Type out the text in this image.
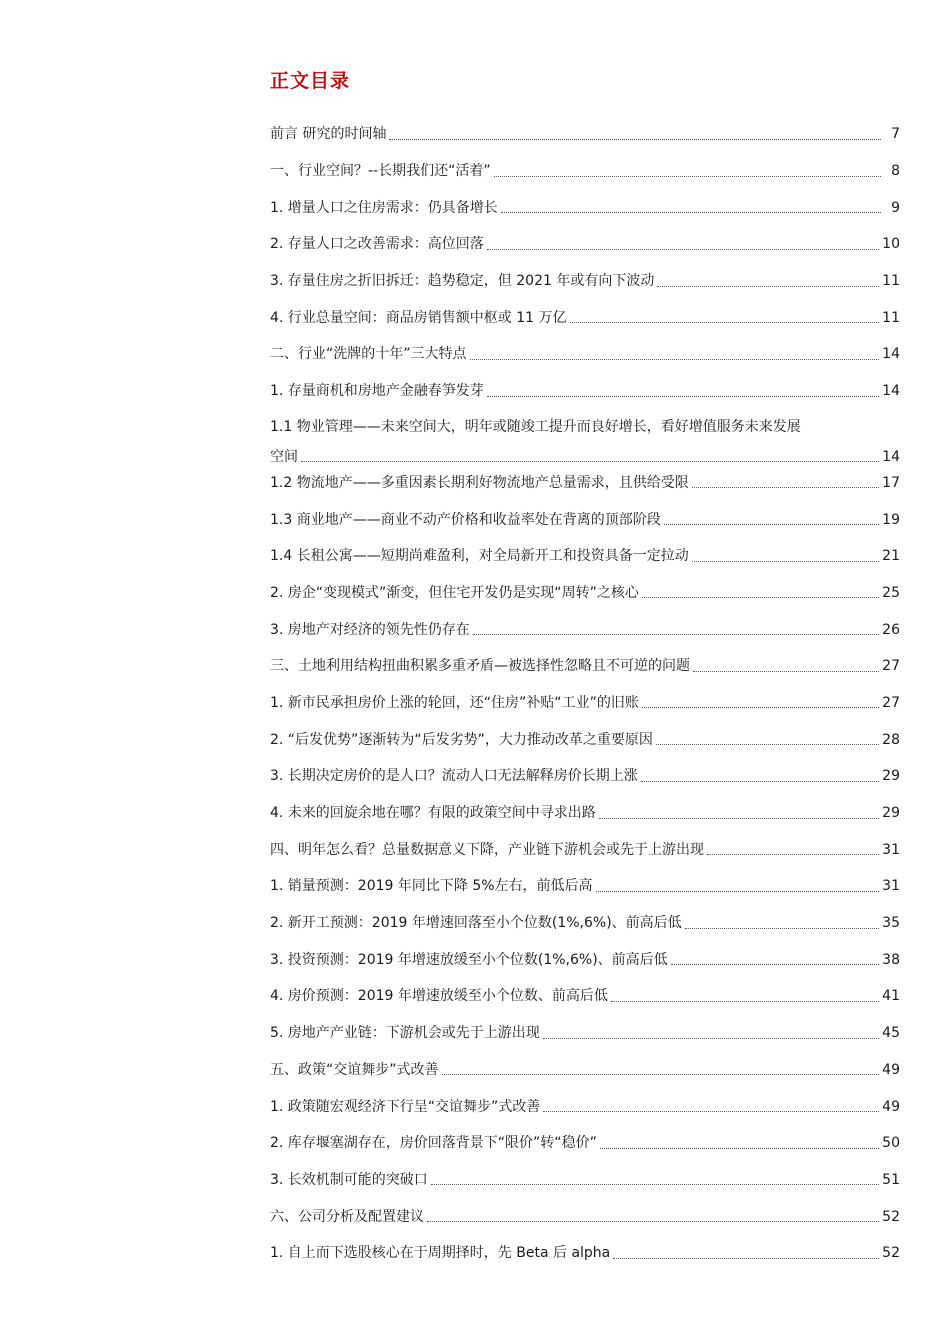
正文目录
前言 研究的时间轴	7
一、行业空间？--长期我们还“活着”	8
1. 增量人口之住房需求：仍具备增长	9
2. 存量人口之改善需求：高位回落	10
3. 存量住房之折旧拆迁：趋势稳定，但 2021 年或有向下波动	11
4. 行业总量空间：商品房销售额中枢或 11 万亿	11
二、行业“洗牌的十年”三大特点	14
1. 存量商机和房地产金融春笋发芽	14
1.1 物业管理——未来空间大，明年或随竣工提升而良好增长，看好增值服务未来发展
空间	14
1.2 物流地产——多重因素长期利好物流地产总量需求，且供给受限	17
1.3 商业地产——商业不动产价格和收益率处在背离的顶部阶段	19
1.4 长租公寓——短期尚难盈利，对全局新开工和投资具备一定拉动	21
2. 房企“变现模式”渐变，但住宅开发仍是实现“周转”之核心	25
3. 房地产对经济的领先性仍存在	26
三、土地利用结构扭曲积累多重矛盾—被选择性忽略且不可逆的问题	27
1. 新市民承担房价上涨的轮回，还“住房”补贴“工业”的旧账	27
2. “后发优势”逐渐转为“后发劣势”，大力推动改革之重要原因	28
3. 长期决定房价的是人口？流动人口无法解释房价长期上涨	29
4. 未来的回旋余地在哪？有限的政策空间中寻求出路	29
四、明年怎么看？总量数据意义下降，产业链下游机会或先于上游出现	31
1. 销量预测：2019 年同比下降 5%左右，前低后高	31
2. 新开工预测：2019 年增速回落至小个位数(1%,6%)、前高后低	35
3. 投资预测：2019 年增速放缓至小个位数(1%,6%)、前高后低	38
4. 房价预测：2019 年增速放缓至小个位数、前高后低	41
5. 房地产产业链：下游机会或先于上游出现	45
五、政策“交谊舞步”式改善	49
1. 政策随宏观经济下行呈“交谊舞步”式改善	49
2. 库存堰塞湖存在，房价回落背景下“限价”转“稳价”	50
3. 长效机制可能的突破口	51
六、公司分析及配置建议	52
1. 自上而下选股核心在于周期择时，先 Beta 后 alpha	52
